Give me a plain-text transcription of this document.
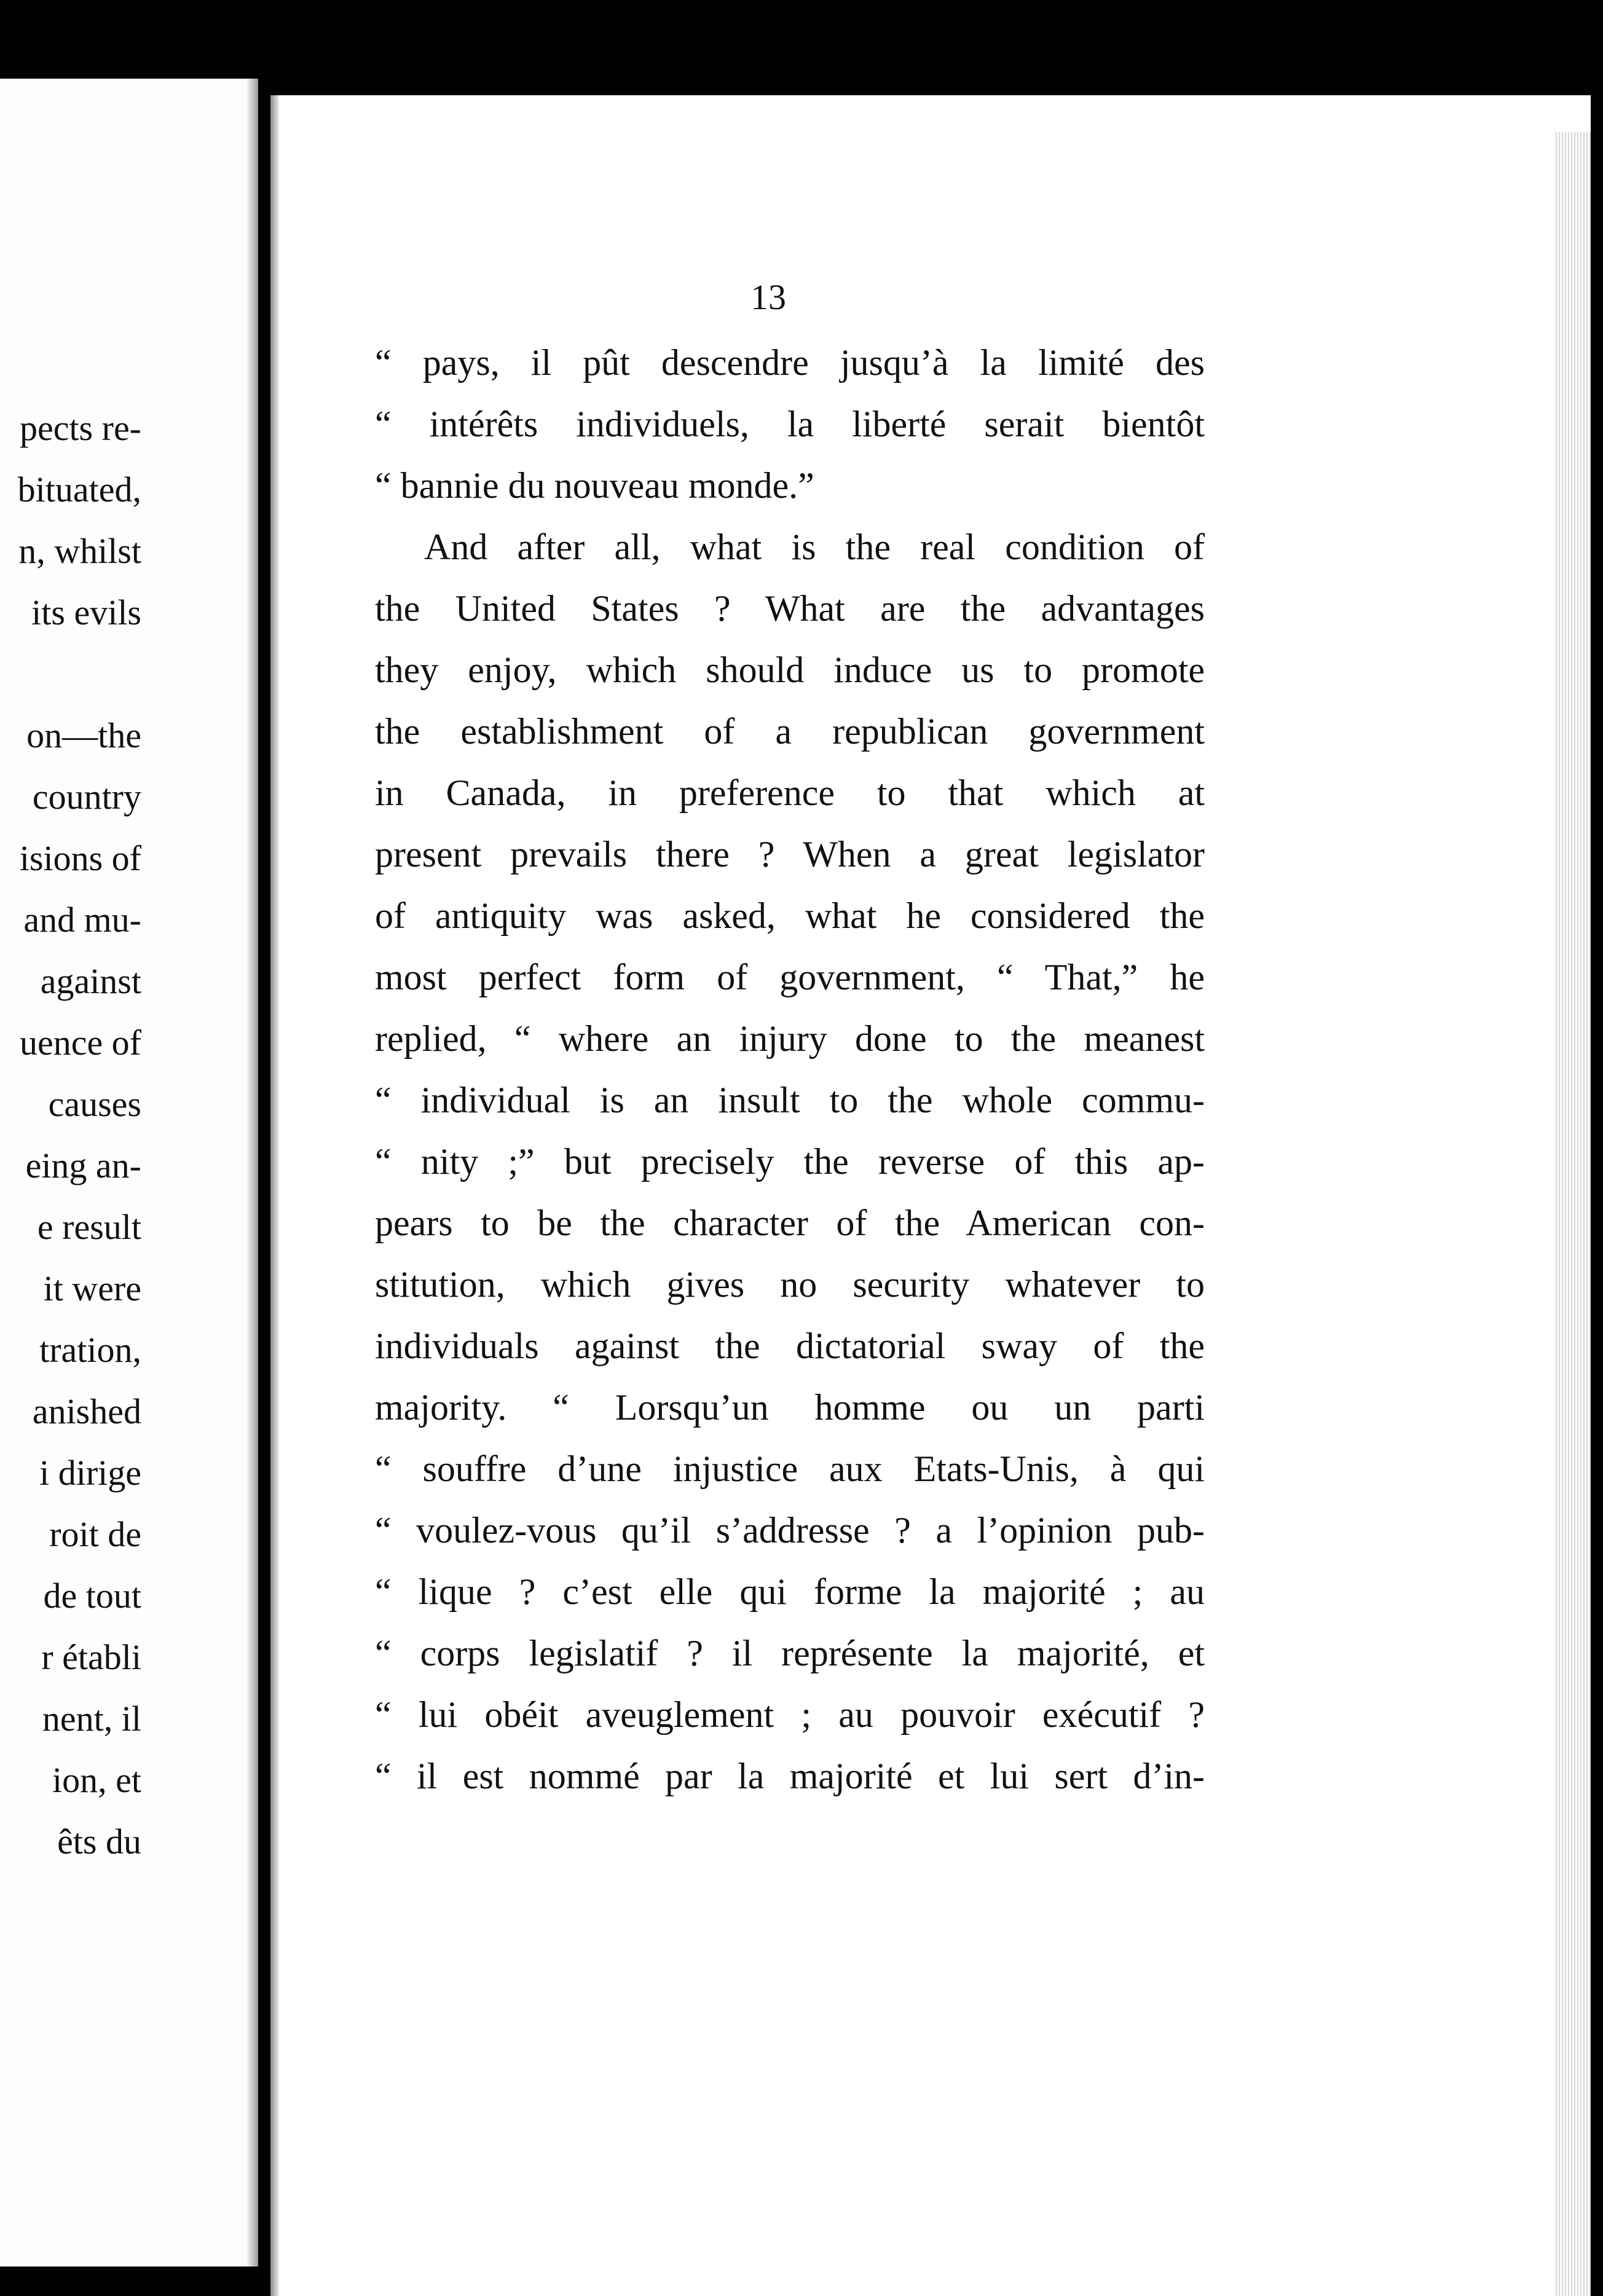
pects re-
bituated,
n, whilst
its evils
on—the
country
isions of
and mu-
against
uence of
causes
eing an-
e result
it were
tration,
anished
i dirige
roit de
de tout
r établi
nent, il
ion, et
êts du
13
“ pays, il pût descendre jusqu’à la limité des
“ intérêts individuels, la liberté serait bientôt
“ bannie du nouveau monde.”
And after all, what is the real condition of
the United States ? What are the advantages
they enjoy, which should induce us to promote
the establishment of a republican government
in Canada, in preference to that which at
present prevails there ? When a great legislator
of antiquity was asked, what he considered the
most perfect form of government, “ That,” he
replied, “ where an injury done to the meanest
“ individual is an insult to the whole commu-
“ nity ;” but precisely the reverse of this ap-
pears to be the character of the American con-
stitution, which gives no security whatever to
individuals against the dictatorial sway of the
majority. “ Lorsqu’un homme ou un parti
“ souffre d’une injustice aux Etats-Unis, à qui
“ voulez-vous qu’il s’addresse ? a l’opinion pub-
“ lique ? c’est elle qui forme la majorité ; au
“ corps legislatif ? il représente la majorité, et
“ lui obéit aveuglement ; au pouvoir exécutif ?
“ il est nommé par la majorité et lui sert d’in-
